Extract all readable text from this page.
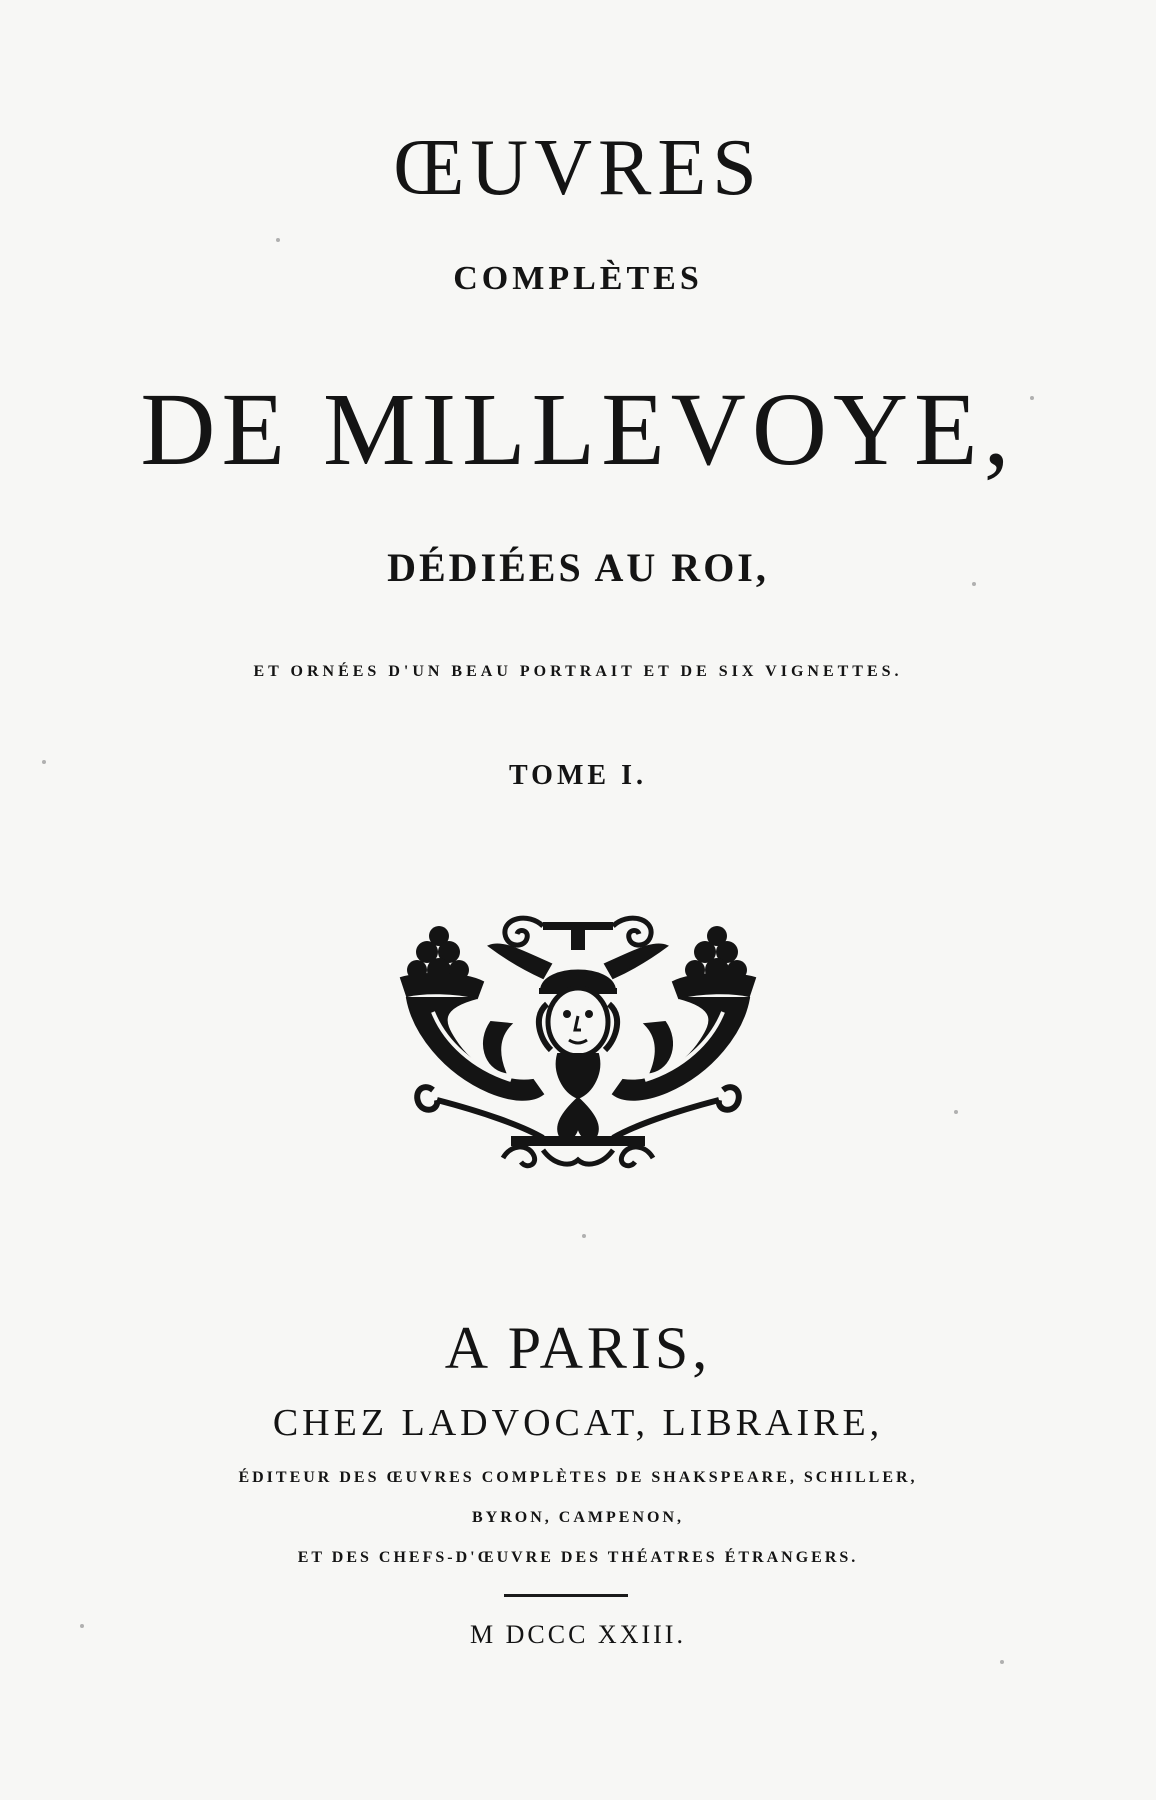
ŒUVRES
COMPLÈTES
DE MILLEVOYE,
DÉDIÉES AU ROI,
ET ORNÉES D'UN BEAU PORTRAIT ET DE SIX VIGNETTES.
TOME I.
A PARIS,
CHEZ LADVOCAT, LIBRAIRE,
ÉDITEUR DES ŒUVRES COMPLÈTES DE SHAKSPEARE, SCHILLER,
BYRON, CAMPENON,
ET DES CHEFS-D'ŒUVRE DES THÉATRES ÉTRANGERS.
M DCCC XXIII.
